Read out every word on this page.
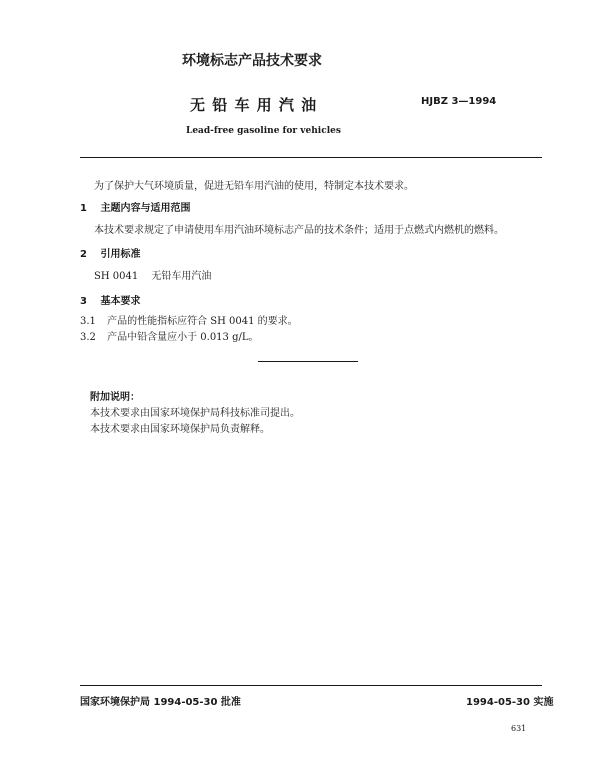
环境标志产品技术要求
无 铅 车 用 汽 油	HJBZ 3—1994
Lead-free gasoline for vehicles
为了保护大气环境质量，促进无铅车用汽油的使用，特制定本技术要求。
1 主题内容与适用范围
本技术要求规定了申请使用车用汽油环境标志产品的技术条件；适用于点燃式内燃机的燃料。
2 引用标准
SH 0041 无铅车用汽油
3 基本要求
3.1 产品的性能指标应符合 SH 0041 的要求。
3.2 产品中铅含量应小于 0.013 g/L。
附加说明：
本技术要求由国家环境保护局科技标准司提出。
本技术要求由国家环境保护局负责解释。
国家环境保护局 1994-05-30 批准	1994-05-30 实施
631
